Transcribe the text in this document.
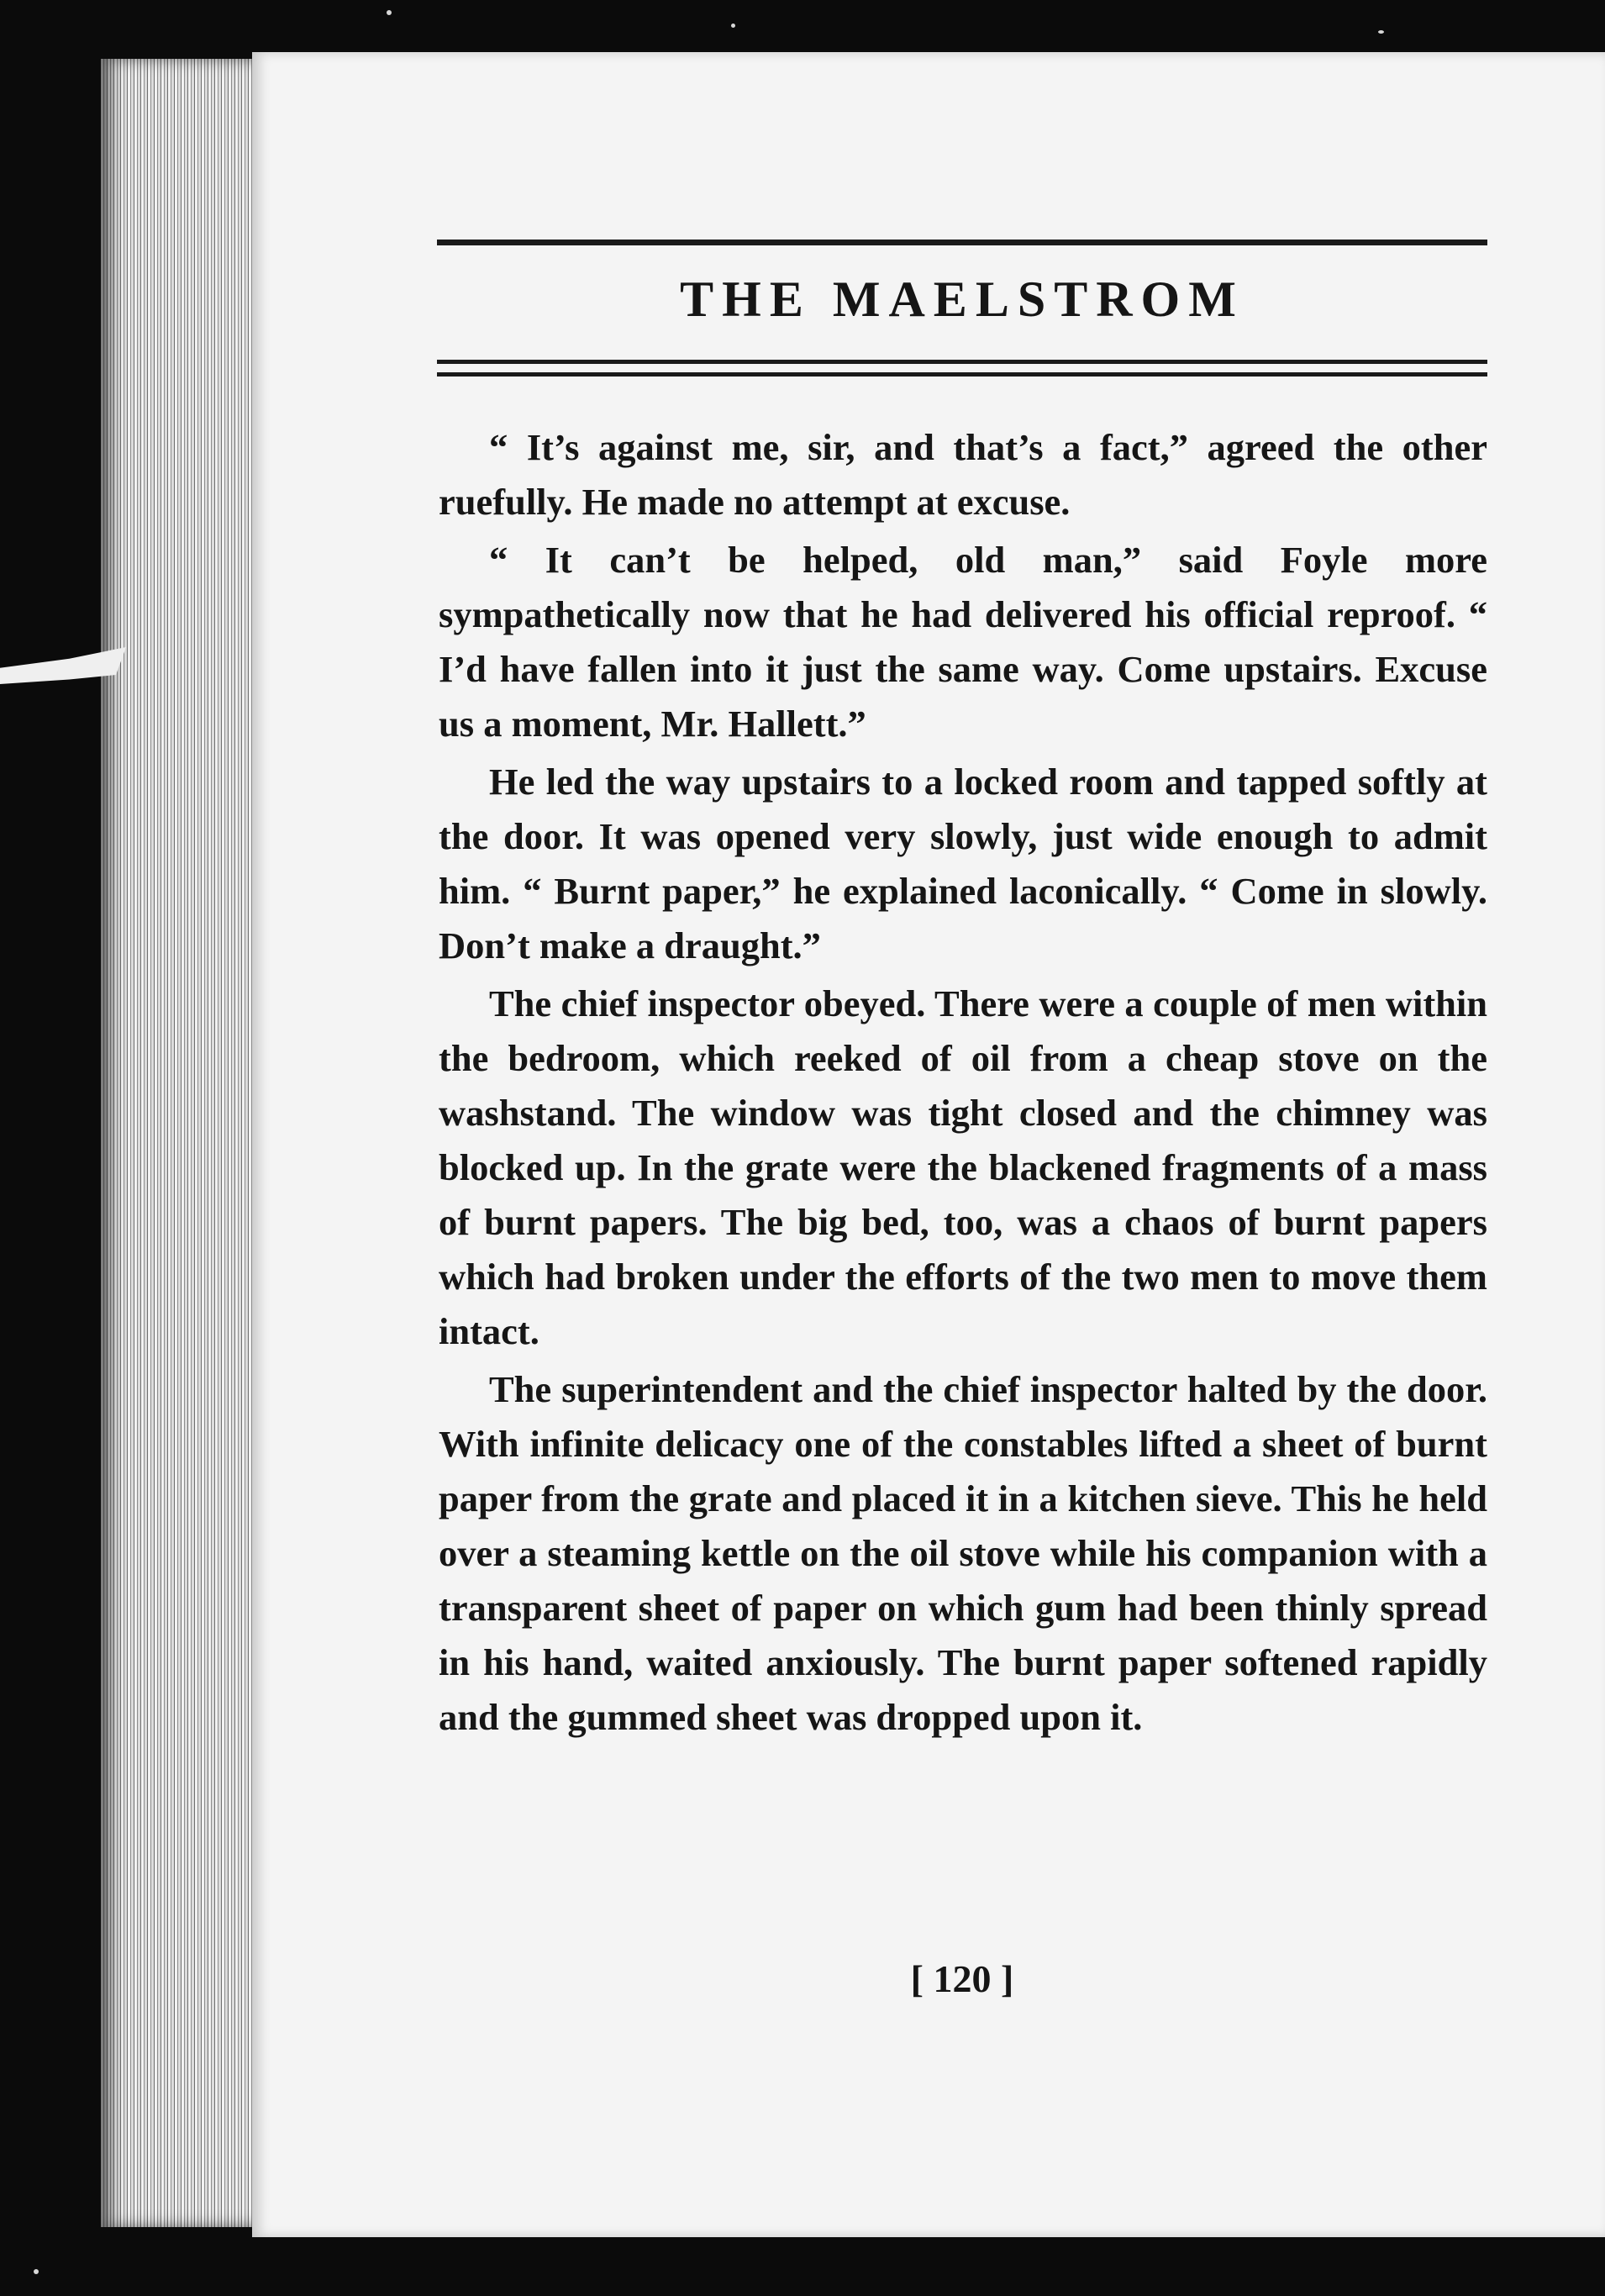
THE MAELSTROM

“ It’s against me, sir, and that’s a fact,” agreed the other ruefully. He made no attempt at excuse.

“ It can’t be helped, old man,” said Foyle more sympathetically now that he had delivered his official reproof. “ I’d have fallen into it just the same way. Come upstairs. Excuse us a moment, Mr. Hallett.”

He led the way upstairs to a locked room and tapped softly at the door. It was opened very slowly, just wide enough to admit him. “ Burnt paper,” he explained laconically. “ Come in slowly. Don’t make a draught.”

The chief inspector obeyed. There were a couple of men within the bedroom, which reeked of oil from a cheap stove on the washstand. The window was tight closed and the chimney was blocked up. In the grate were the blackened fragments of a mass of burnt papers. The big bed, too, was a chaos of burnt papers which had broken under the efforts of the two men to move them intact.

The superintendent and the chief inspector halted by the door. With infinite delicacy one of the constables lifted a sheet of burnt paper from the grate and placed it in a kitchen sieve. This he held over a steaming kettle on the oil stove while his companion with a transparent sheet of paper on which gum had been thinly spread in his hand, waited anxiously. The burnt paper softened rapidly and the gummed sheet was dropped upon it.

[ 120 ]
